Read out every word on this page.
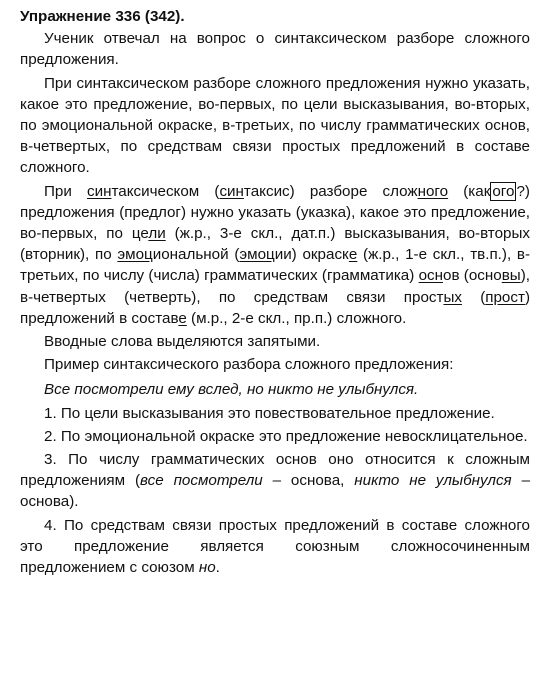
Упражнение 336 (342).
Ученик отвечал на вопрос о синтаксическом разборе сложного предложения.
При синтаксическом разборе сложного предложения нужно указать, какое это предложение, во-первых, по цели высказывания, во-вторых, по эмоциональной окраске, в-третьих, по числу грамматических основ, в-четвертых, по средствам связи простых предложений в составе сложного.
При синтаксическом (синтаксис) разборе сложного (как ого ?) предложения (предлог) нужно указать (указка), какое это предложение, во-первых, по цели (ж.р., 3-е скл., дат.п.) высказывания, во-вторых (вторник), по эмоциональной (эмоции) окраске (ж.р., 1-е скл., тв.п.), в-третьих, по числу (числа) грамматических (грамматика) основ (основы), в-четвертых (четверть), по средствам связи простых (прост) предложений в составе (м.р., 2-е скл., пр.п.) сложного.
Вводные слова выделяются запятыми.
Пример синтаксического разбора сложного предложения:
Все посмотрели ему вслед, но никто не улыбнулся.
1. По цели высказывания это повествовательное предложение.
2. По эмоциональной окраске это предложение невосклицательное.
3. По числу грамматических основ оно относится к сложным предложениям (все посмотрели – основа, никто не улыбнулся – основа).
4. По средствам связи простых предложений в составе сложного это предложение является союзным сложносочиненным предложением с союзом но.
